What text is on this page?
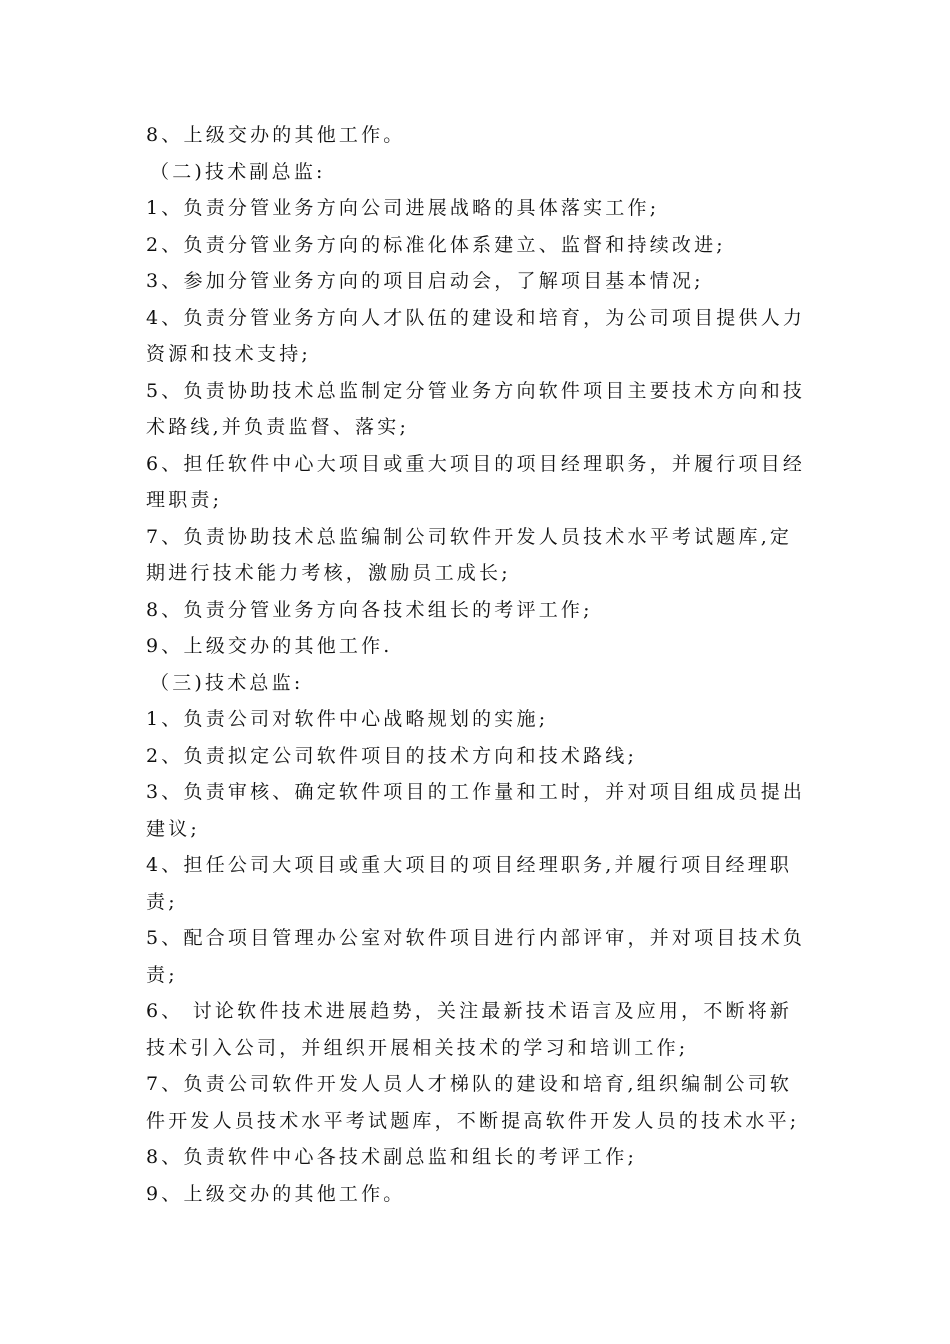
8、上级交办的其他工作。
（二)技术副总监:
1、负责分管业务方向公司进展战略的具体落实工作;
2、负责分管业务方向的标准化体系建立、监督和持续改进;
3、参加分管业务方向的项目启动会，了解项目基本情况;
4、负责分管业务方向人才队伍的建设和培育，为公司项目提供人力
资源和技术支持;
5、负责协助技术总监制定分管业务方向软件项目主要技术方向和技
术路线,并负责监督、落实;
6、担任软件中心大项目或重大项目的项目经理职务，并履行项目经
理职责;
7、负责协助技术总监编制公司软件开发人员技术水平考试题库,定
期进行技术能力考核，激励员工成长;
8、负责分管业务方向各技术组长的考评工作;
9、上级交办的其他工作.
（三)技术总监:
1、负责公司对软件中心战略规划的实施;
2、负责拟定公司软件项目的技术方向和技术路线;
3、负责审核、确定软件项目的工作量和工时，并对项目组成员提出
建议;
4、担任公司大项目或重大项目的项目经理职务,并履行项目经理职
责;
5、配合项目管理办公室对软件项目进行内部评审，并对项目技术负
责;
6、 讨论软件技术进展趋势，关注最新技术语言及应用，不断将新
技术引入公司，并组织开展相关技术的学习和培训工作;
7、负责公司软件开发人员人才梯队的建设和培育,组织编制公司软
件开发人员技术水平考试题库，不断提高软件开发人员的技术水平;
8、负责软件中心各技术副总监和组长的考评工作;
9、上级交办的其他工作。
